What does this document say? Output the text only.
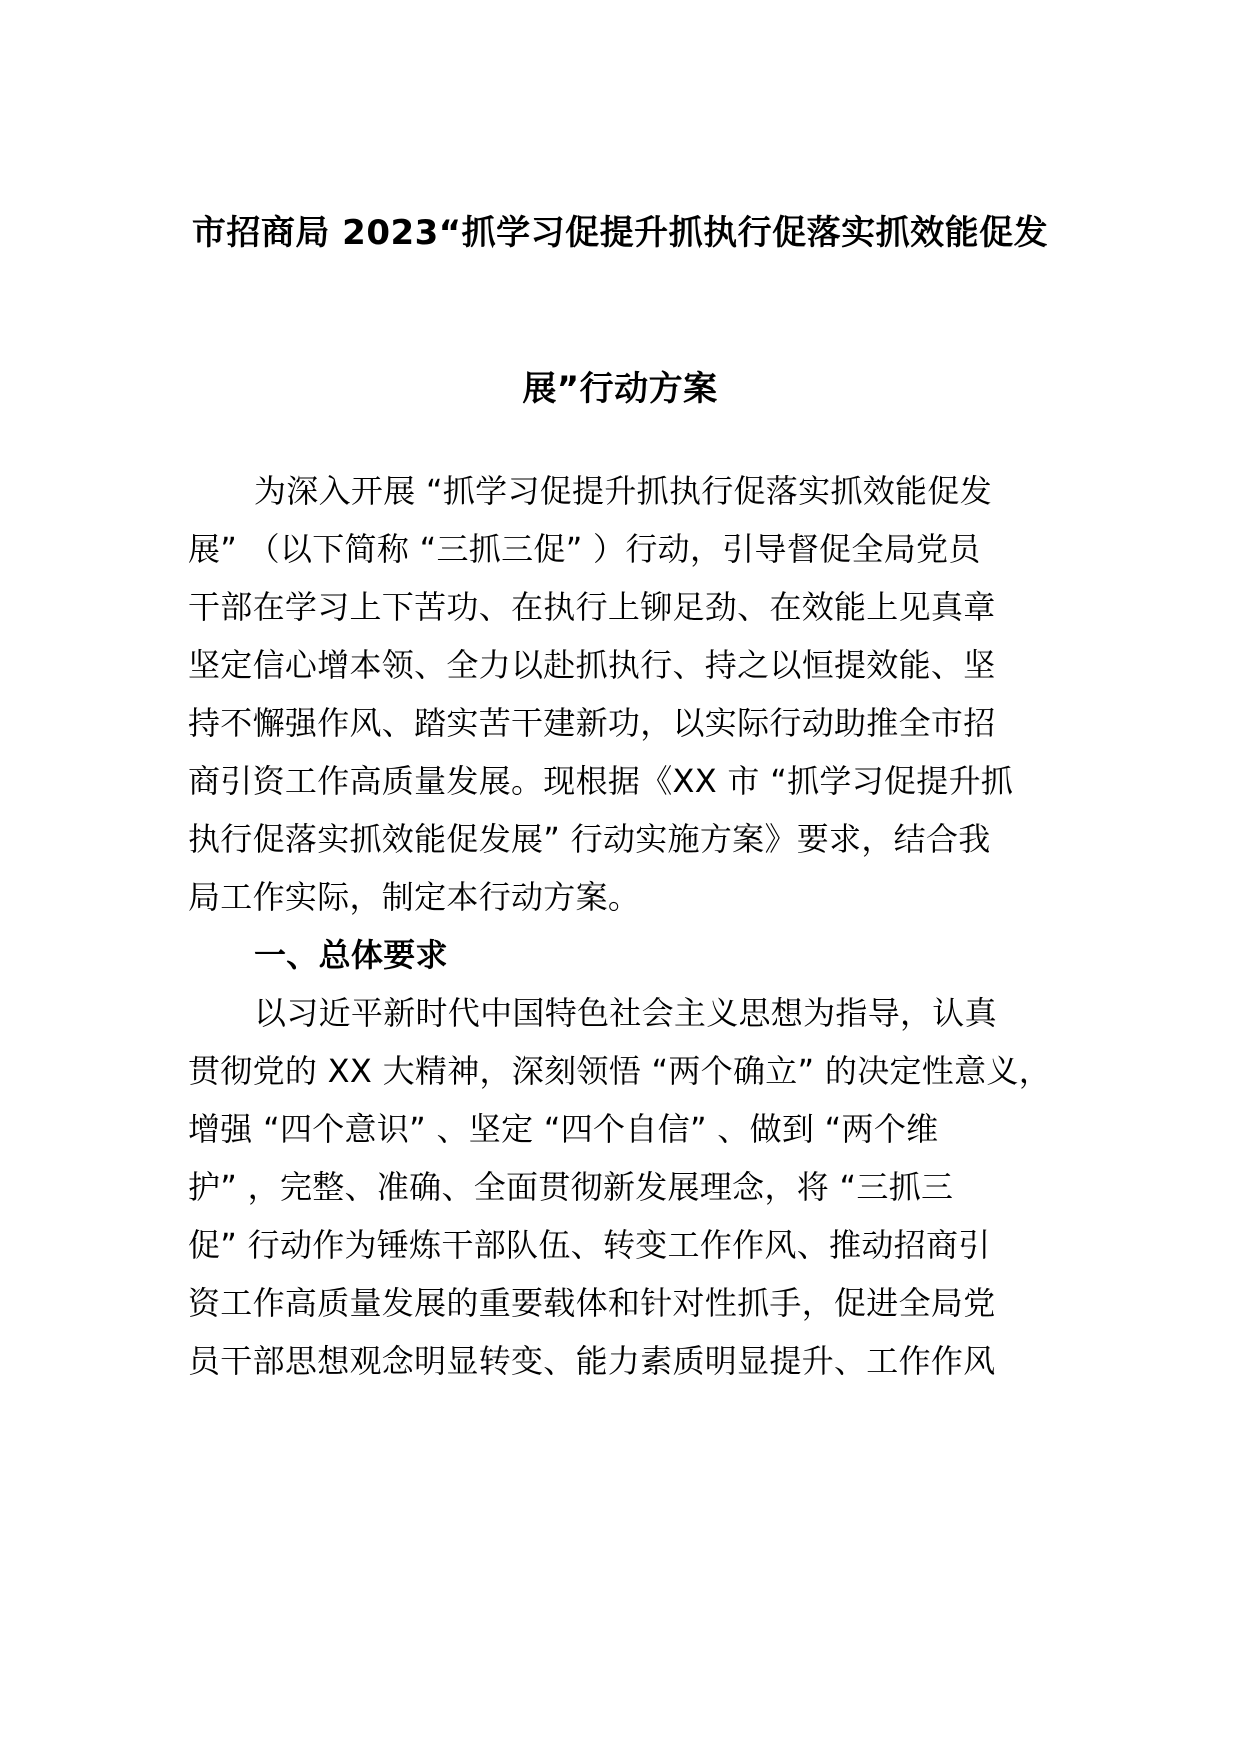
市招商局 2023“抓学习促提升抓执行促落实抓效能促发
展”行动方案
为深入开展 “抓学习促提升抓执行促落实抓效能促发
展” （以下简称 “三抓三促” ）行动，引导督促全局党员
干部在学习上下苦功、在执行上铆足劲、在效能上见真章
坚定信心增本领、全力以赴抓执行、持之以恒提效能、坚
持不懈强作风、踏实苦干建新功，以实际行动助推全市招
商引资工作高质量发展。现根据《XX 市 “抓学习促提升抓
执行促落实抓效能促发展” 行动实施方案》要求，结合我
局工作实际，制定本行动方案。
一、总体要求
以习近平新时代中国特色社会主义思想为指导，认真
贯彻党的 XX 大精神，深刻领悟 “两个确立” 的决定性意义，
增强 “四个意识” 、坚定 “四个自信” 、做到 “两个维
护” ，完整、准确、全面贯彻新发展理念，将 “三抓三
促” 行动作为锤炼干部队伍、转变工作作风、推动招商引
资工作高质量发展的重要载体和针对性抓手，促进全局党
员干部思想观念明显转变、能力素质明显提升、工作作风
